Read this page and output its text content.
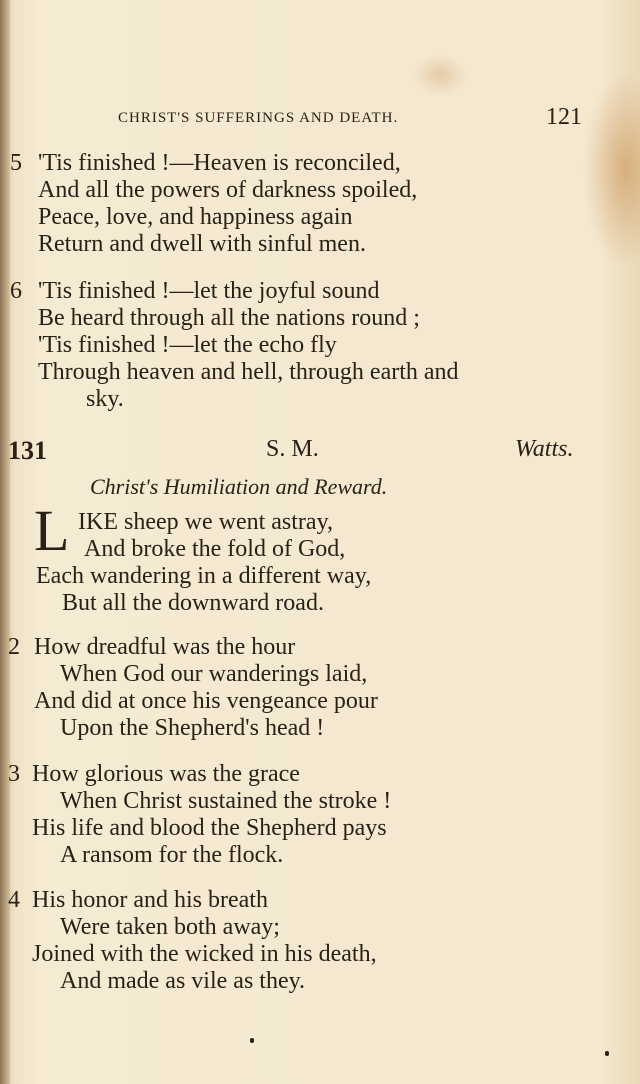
CHRIST'S SUFFERINGS AND DEATH.	121
5 'Tis finished !—Heaven is reconciled,
And all the powers of darkness spoiled,
Peace, love, and happiness again
Return and dwell with sinful men.
6 'Tis finished !—let the joyful sound
Be heard through all the nations round ;
'Tis finished !—let the echo fly
Through heaven and hell, through earth and
sky.
131	S. M.	Watts.
Christ's Humiliation and Reward.
L IKE sheep we went astray,
And broke the fold of God,
Each wandering in a different way,
But all the downward road.
2 How dreadful was the hour
When God our wanderings laid,
And did at once his vengeance pour
Upon the Shepherd's head !
3 How glorious was the grace
When Christ sustained the stroke !
His life and blood the Shepherd pays
A ransom for the flock.
4 His honor and his breath
Were taken both away;
Joined with the wicked in his death,
And made as vile as they.
